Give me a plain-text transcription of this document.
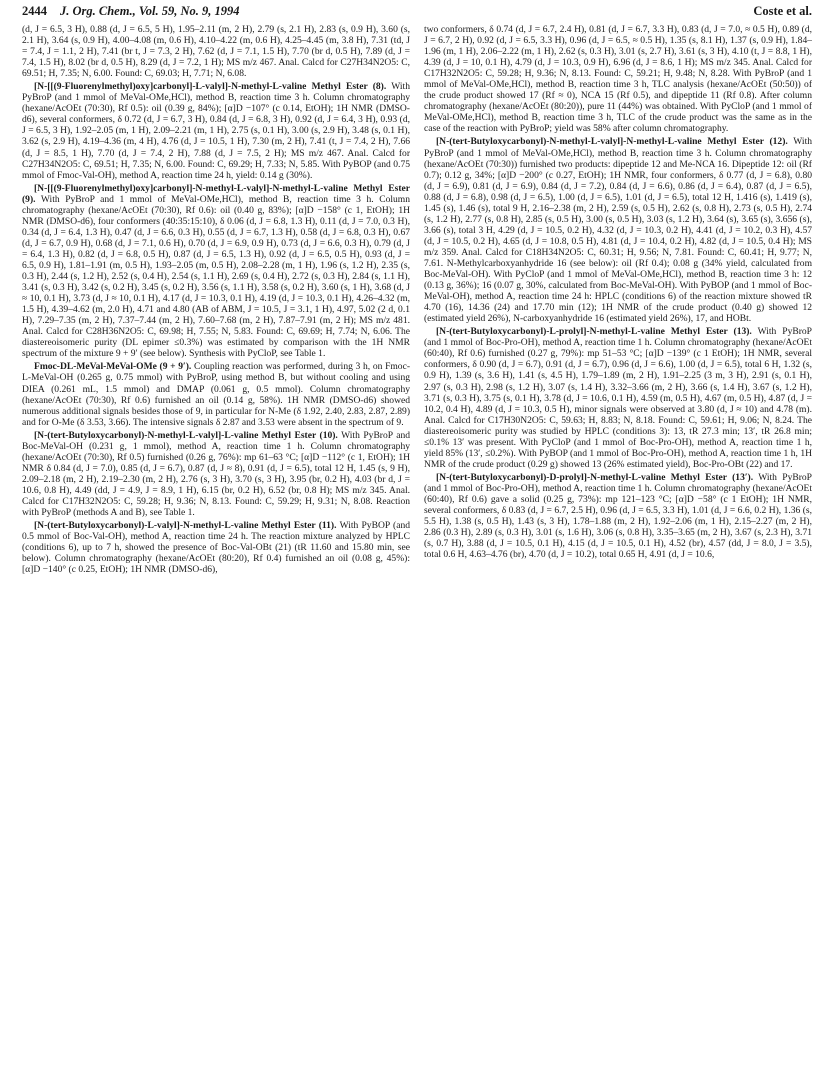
2444 J. Org. Chem., Vol. 59, No. 9, 1994	Coste et al.

(d, J = 6.5, 3 H), 0.88 (d, J = 6.5, 5 H), 1.95–2.11 (m, 2 H), 2.79 (s, 2.1 H), 2.83 (s, 0.9 H), 3.60 (s, 2.1 H), 3.64 (s, 0.9 H), 4.00–4.08 (m, 0.6 H), 4.10–4.22 (m, 0.6 H), 4.25–4.45 (m, 3.8 H), 7.31 (td, J = 7.4, J = 1.1, 2 H), 7.41 (br t, J = 7.3, 2 H), 7.62 (d, J = 7.1, 1.5 H), 7.70 (br d, 0.5 H), 7.89 (d, J = 7.4, 1.5 H), 8.02 (br d, 0.5 H), 8.29 (d, J = 7.2, 1 H); MS m/z 467. Anal. Calcd for C27H34N2O5: C, 69.51; H, 7.35; N, 6.00. Found: C, 69.03; H, 7.71; N, 6.08.

[N-[[(9-Fluorenylmethyl)oxy]carbonyl]-L-valyl]-N-methyl-L-valine Methyl Ester (8). With PyBroP (and 1 mmol of MeVal-OMe,HCl), method B, reaction time 3 h. Column chromatography (hexane/AcOEt (70:30), Rf 0.5): oil (0.39 g, 84%); [α]D −107° (c 0.14, EtOH); 1H NMR (DMSO-d6), several conformers, δ 0.72 (d, J = 6.7, 3 H), 0.84 (d, J = 6.8, 3 H), 0.92 (d, J = 6.4, 3 H), 0.93 (d, J = 6.5, 3 H), 1.92–2.05 (m, 1 H), 2.09–2.21 (m, 1 H), 2.75 (s, 0.1 H), 3.00 (s, 2.9 H), 3.48 (s, 0.1 H), 3.62 (s, 2.9 H), 4.19–4.36 (m, 4 H), 4.76 (d, J = 10.5, 1 H), 7.30 (m, 2 H), 7.41 (t, J = 7.4, 2 H), 7.66 (d, J = 8.5, 1 H), 7.70 (d, J = 7.4, 2 H), 7.88 (d, J = 7.5, 2 H); MS m/z 467. Anal. Calcd for C27H34N2O5: C, 69.51; H, 7.35; N, 6.00. Found: C, 69.29; H, 7.33; N, 5.85. With PyBOP (and 0.75 mmol of Fmoc-Val-OH), method A, reaction time 24 h, yield: 0.14 g (30%).

[N-[[(9-Fluorenylmethyl)oxy]carbonyl]-N-methyl-L-valyl]-N-methyl-L-valine Methyl Ester (9). With PyBroP and 1 mmol of MeVal-OMe,HCl), method B, reaction time 3 h. Column chromatography (hexane/AcOEt (70:30), Rf 0.6): oil (0.40 g, 83%); [α]D −158° (c 1, EtOH); 1H NMR (DMSO-d6), four conformers (40:35:15:10), δ 0.06 (d, J = 6.8, 1.3 H), 0.11 (d, J = 7.0, 0.3 H), 0.34 (d, J = 6.4, 1.3 H), 0.47 (d, J = 6.6, 0.3 H), 0.55 (d, J = 6.7, 1.3 H), 0.58 (d, J = 6.8, 0.3 H), 0.67 (d, J = 6.7, 0.9 H), 0.68 (d, J = 7.1, 0.6 H), 0.70 (d, J = 6.9, 0.9 H), 0.73 (d, J = 6.6, 0.3 H), 0.79 (d, J = 6.4, 1.3 H), 0.82 (d, J = 6.8, 0.5 H), 0.87 (d, J = 6.5, 1.3 H), 0.92 (d, J = 6.5, 0.5 H), 0.93 (d, J = 6.5, 0.9 H), 1.81–1.91 (m, 0.5 H), 1.93–2.05 (m, 0.5 H), 2.08–2.28 (m, 1 H), 1.96 (s, 1.2 H), 2.35 (s, 0.3 H), 2.44 (s, 1.2 H), 2.52 (s, 0.4 H), 2.54 (s, 1.1 H), 2.69 (s, 0.4 H), 2.72 (s, 0.3 H), 2.84 (s, 1.1 H), 3.41 (s, 0.3 H), 3.42 (s, 0.2 H), 3.45 (s, 0.2 H), 3.56 (s, 1.1 H), 3.58 (s, 0.2 H), 3.60 (s, 1 H), 3.68 (d, J ≈ 10, 0.1 H), 3.73 (d, J ≈ 10, 0.1 H), 4.17 (d, J = 10.3, 0.1 H), 4.19 (d, J = 10.3, 0.1 H), 4.26–4.32 (m, 1.5 H), 4.39–4.62 (m, 2.0 H), 4.71 and 4.80 (AB of ABM, J = 10.5, J = 3.1, 1 H), 4.97, 5.02 (2 d, 0.1 H), 7.29–7.35 (m, 2 H), 7.37–7.44 (m, 2 H), 7.60–7.68 (m, 2 H), 7.87–7.91 (m, 2 H); MS m/z 481. Anal. Calcd for C28H36N2O5: C, 69.98; H, 7.55; N, 5.83. Found: C, 69.69; H, 7.74; N, 6.06. The diastereoisomeric purity (DL epimer ≤0.3%) was estimated by comparison with the 1H NMR spectrum of the mixture 9 + 9′ (see below). Synthesis with PyCloP, see Table 1.

Fmoc-DL-MeVal-MeVal-OMe (9 + 9′). Coupling reaction was performed, during 3 h, on Fmoc-L-MeVal-OH (0.265 g, 0.75 mmol) with PyBroP, using method B, but without cooling and using DIEA (0.261 mL, 1.5 mmol) and DMAP (0.061 g, 0.5 mmol). Column chromatography (hexane/AcOEt (70:30), Rf 0.6) furnished an oil (0.14 g, 58%). 1H NMR (DMSO-d6) showed numerous additional signals besides those of 9, in particular for N-Me (δ 1.92, 2.40, 2.83, 2.87, 2.89) and for O-Me (δ 3.53, 3.66). The intensive signals δ 2.87 and 3.53 were absent in the spectrum of 9.

[N-(tert-Butyloxycarbonyl)-N-methyl-L-valyl]-L-valine Methyl Ester (10). With PyBroP and Boc-MeVal-OH (0.231 g, 1 mmol), method A, reaction time 1 h. Column chromatography (hexane/AcOEt (70:30), Rf 0.5) furnished (0.26 g, 76%): mp 61–63 °C; [α]D −112° (c 1, EtOH); 1H NMR δ 0.84 (d, J = 7.0), 0.85 (d, J = 6.7), 0.87 (d, J ≈ 8), 0.91 (d, J = 6.5), total 12 H, 1.45 (s, 9 H), 2.09–2.18 (m, 2 H), 2.19–2.30 (m, 2 H), 2.76 (s, 3 H), 3.70 (s, 3 H), 3.95 (br, 0.2 H), 4.03 (br d, J = 10.6, 0.8 H), 4.49 (dd, J = 4.9, J = 8.9, 1 H), 6.15 (br, 0.2 H), 6.52 (br, 0.8 H); MS m/z 345. Anal. Calcd for C17H32N2O5: C, 59.28; H, 9.36; N, 8.13. Found: C, 59.29; H, 9.31; N, 8.08. Reaction with PyBroP (methods A and B), see Table 1.

[N-(tert-Butyloxycarbonyl)-L-valyl]-N-methyl-L-valine Methyl Ester (11). With PyBOP (and 0.5 mmol of Boc-Val-OH), method A, reaction time 24 h. The reaction mixture analyzed by HPLC (conditions 6), up to 7 h, showed the presence of Boc-Val-OBt (21) (tR 11.60 and 15.80 min, see below). Column chromatography (hexane/AcOEt (80:20), Rf 0.4) furnished an oil (0.08 g, 45%): [α]D −140° (c 0.25, EtOH); 1H NMR (DMSO-d6),

two conformers, δ 0.74 (d, J = 6.7, 2.4 H), 0.81 (d, J = 6.7, 3.3 H), 0.83 (d, J = 7.0, ≈ 0.5 H), 0.89 (d, J = 6.7, 2 H), 0.92 (d, J = 6.5, 3.3 H), 0.96 (d, J = 6.5, ≈ 0.5 H), 1.35 (s, 8.1 H), 1.37 (s, 0.9 H), 1.84–1.96 (m, 1 H), 2.06–2.22 (m, 1 H), 2.62 (s, 0.3 H), 3.01 (s, 2.7 H), 3.61 (s, 3 H), 4.10 (t, J = 8.8, 1 H), 4.39 (d, J = 10, 0.1 H), 4.79 (d, J = 10.3, 0.9 H), 6.96 (d, J = 8.6, 1 H); MS m/z 345. Anal. Calcd for C17H32N2O5: C, 59.28; H, 9.36; N, 8.13. Found: C, 59.21; H, 9.48; N, 8.28. With PyBroP (and 1 mmol of MeVal-OMe,HCl), method B, reaction time 3 h, TLC analysis (hexane/AcOEt (50:50)) of the crude product showed 17 (Rf ≈ 0), NCA 15 (Rf 0.5), and dipeptide 11 (Rf 0.8). After column chromatography (hexane/AcOEt (80:20)), pure 11 (44%) was obtained. With PyCloP (and 1 mmol of MeVal-OMe,HCl), method B, reaction time 3 h, TLC of the crude product was the same as in the case of the reaction with PyBroP; yield was 58% after column chromatography.

[N-(tert-Butyloxycarbonyl)-N-methyl-L-valyl]-N-methyl-L-valine Methyl Ester (12). With PyBroP (and 1 mmol of MeVal-OMe,HCl), method B, reaction time 3 h. Column chromatography (hexane/AcOEt (70:30)) furnished two products: dipeptide 12 and Me-NCA 16. Dipeptide 12: oil (Rf 0.7); 0.12 g, 34%; [α]D −200° (c 0.27, EtOH); 1H NMR, four conformers, δ 0.77 (d, J = 6.8), 0.80 (d, J = 6.9), 0.81 (d, J = 6.9), 0.84 (d, J = 7.2), 0.84 (d, J = 6.6), 0.86 (d, J = 6.4), 0.87 (d, J = 6.5), 0.88 (d, J = 6.8), 0.98 (d, J = 6.5), 1.00 (d, J = 6.5), 1.01 (d, J = 6.5), total 12 H, 1.416 (s), 1.419 (s), 1.45 (s), 1.46 (s), total 9 H, 2.16–2.38 (m, 2 H), 2.59 (s, 0.5 H), 2.62 (s, 0.8 H), 2.73 (s, 0.5 H), 2.74 (s, 1.2 H), 2.77 (s, 0.8 H), 2.85 (s, 0.5 H), 3.00 (s, 0.5 H), 3.03 (s, 1.2 H), 3.64 (s), 3.65 (s), 3.656 (s), 3.66 (s), total 3 H, 4.29 (d, J = 10.5, 0.2 H), 4.32 (d, J = 10.3, 0.2 H), 4.41 (d, J = 10.2, 0.3 H), 4.57 (d, J = 10.5, 0.2 H), 4.65 (d, J = 10.8, 0.5 H), 4.81 (d, J = 10.4, 0.2 H), 4.82 (d, J = 10.5, 0.4 H); MS m/z 359. Anal. Calcd for C18H34N2O5: C, 60.31; H, 9.56; N, 7.81. Found: C, 60.41; H, 9.77; N, 7.61. N-Methylcarboxyanhydride 16 (see below): oil (Rf 0.4); 0.08 g (34% yield, calculated from Boc-MeVal-OH). With PyCloP (and 1 mmol of MeVal-OMe,HCl), method B, reaction time 3 h: 12 (0.13 g, 36%); 16 (0.07 g, 30%, calculated from Boc-MeVal-OH). With PyBOP (and 1 mmol of Boc-MeVal-OH), method A, reaction time 24 h: HPLC (conditions 6) of the reaction mixture showed tR 4.70 (16), 14.36 (24) and 17.70 min (12); 1H NMR of the crude product (0.40 g) showed 12 (estimated yield 26%), N-carboxyanhydride 16 (estimated yield 26%), 17, and HOBt.

[N-(tert-Butyloxycarbonyl)-L-prolyl]-N-methyl-L-valine Methyl Ester (13). With PyBroP (and 1 mmol of Boc-Pro-OH), method A, reaction time 1 h. Column chromatography (hexane/AcOEt (60:40), Rf 0.6) furnished (0.27 g, 79%): mp 51–53 °C; [α]D −139° (c 1 EtOH); 1H NMR, several conformers, δ 0.90 (d, J = 6.7), 0.91 (d, J = 6.7), 0.96 (d, J = 6.6), 1.00 (d, J = 6.5), total 6 H, 1.32 (s, 0.9 H), 1.39 (s, 3.6 H), 1.41 (s, 4.5 H), 1.79–1.89 (m, 2 H), 1.91–2.25 (3 m, 3 H), 2.91 (s, 0.1 H), 2.97 (s, 0.3 H), 2.98 (s, 1.2 H), 3.07 (s, 1.4 H), 3.32–3.66 (m, 2 H), 3.66 (s, 1.4 H), 3.67 (s, 1.2 H), 3.71 (s, 0.3 H), 3.75 (s, 0.1 H), 3.78 (d, J = 10.6, 0.1 H), 4.59 (m, 0.5 H), 4.67 (m, 0.5 H), 4.87 (d, J = 10.2, 0.4 H), 4.89 (d, J = 10.3, 0.5 H), minor signals were observed at 3.80 (d, J ≈ 10) and 4.78 (m). Anal. Calcd for C17H30N2O5: C, 59.63; H, 8.83; N, 8.18. Found: C, 59.61; H, 9.06; N, 8.24. The diastereoisomeric purity was studied by HPLC (conditions 3): 13, tR 27.3 min; 13′, tR 26.8 min; ≤0.1% 13′ was present. With PyCloP (and 1 mmol of Boc-Pro-OH), method A, reaction time 1 h, yield 85% (13′, ≤0.2%). With PyBOP (and 1 mmol of Boc-Pro-OH), method A, reaction time 1 h, 1H NMR of the crude product (0.29 g) showed 13 (26% estimated yield), Boc-Pro-OBt (22) and 17.

[N-(tert-Butyloxycarbonyl)-D-prolyl]-N-methyl-L-valine Methyl Ester (13′). With PyBroP (and 1 mmol of Boc-Pro-OH), method A, reaction time 1 h. Column chromatography (hexane/AcOEt (60:40), Rf 0.6) gave a solid (0.25 g, 73%): mp 121–123 °C; [α]D −58° (c 1 EtOH); 1H NMR, several conformers, δ 0.83 (d, J = 6.7, 2.5 H), 0.96 (d, J = 6.5, 3.3 H), 1.01 (d, J = 6.6, 0.2 H), 1.36 (s, 5.5 H), 1.38 (s, 0.5 H), 1.43 (s, 3 H), 1.78–1.88 (m, 2 H), 1.92–2.06 (m, 1 H), 2.15–2.27 (m, 2 H), 2.86 (0.3 H), 2.89 (s, 0.3 H), 3.01 (s, 1.6 H), 3.06 (s, 0.8 H), 3.35–3.65 (m, 2 H), 3.67 (s, 2.3 H), 3.71 (s, 0.7 H), 3.88 (d, J = 10.5, 0.1 H), 4.15 (d, J = 10.5, 0.1 H), 4.52 (br), 4.57 (dd, J = 8.0, J = 3.5), total 0.6 H, 4.63–4.76 (br), 4.70 (d, J = 10.2), total 0.65 H, 4.91 (d, J = 10.6,
